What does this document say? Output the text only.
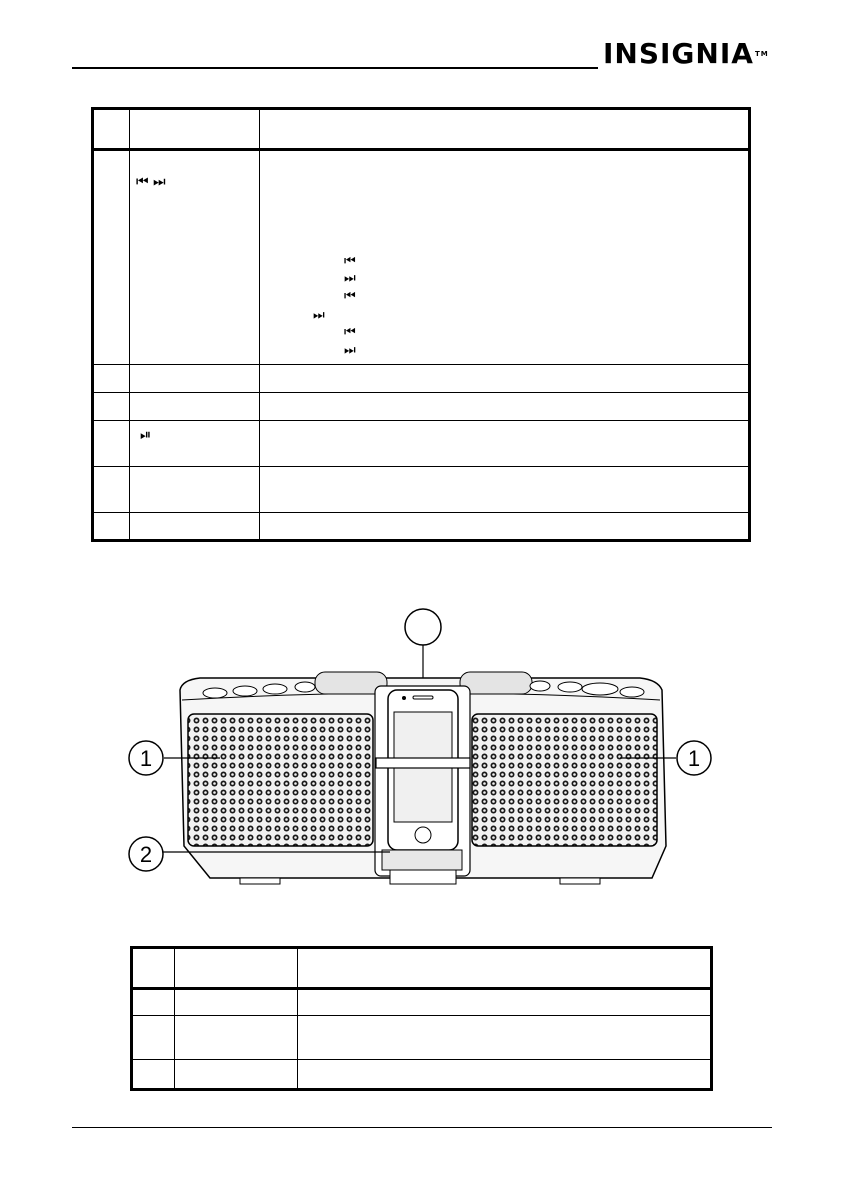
INSIGNIA™
⏮ ⏭
⏮
⏭
⏮
⏭
⏮
⏭
⏯
1
2
1
